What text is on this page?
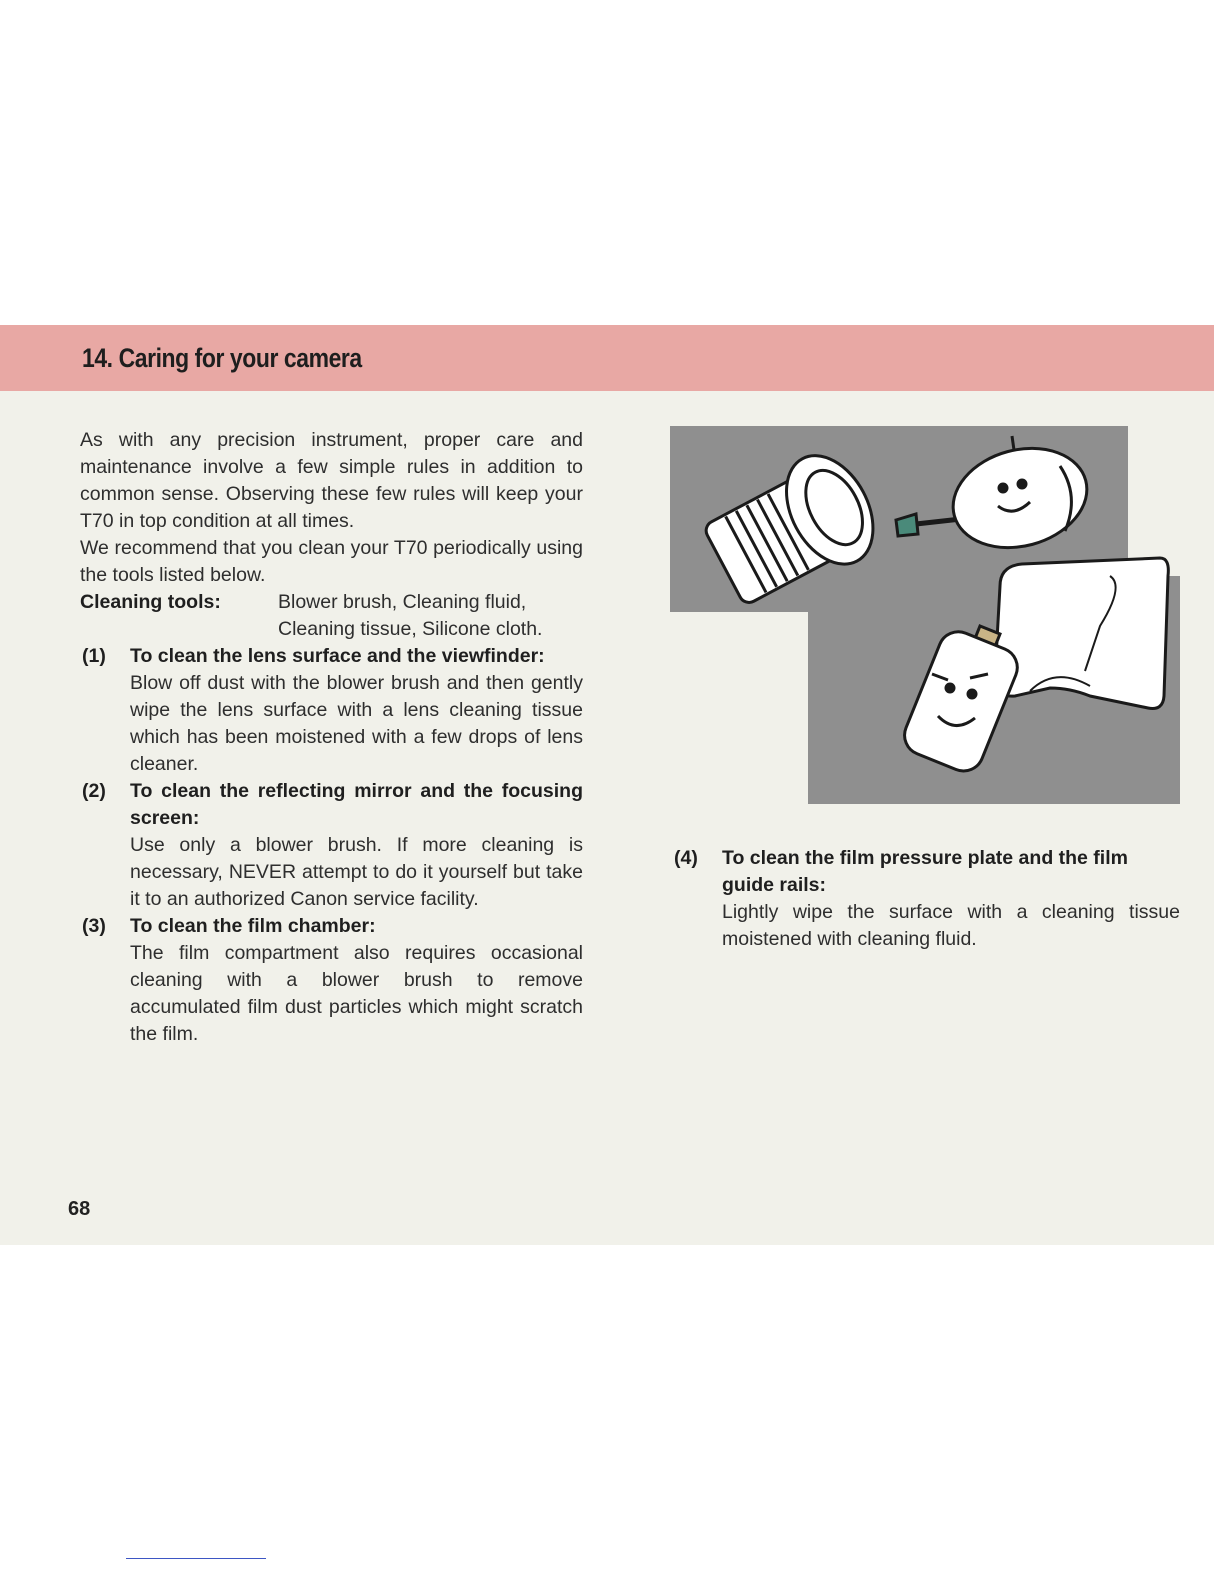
14. Caring for your camera

As with any precision instrument, proper care and maintenance involve a few simple rules in addition to common sense. Observing these few rules will keep your T70 in top condition at all times.

We recommend that you clean your T70 periodically using the tools listed below.

Cleaning tools:	Blower brush, Cleaning fluid, Cleaning tissue, Silicone cloth.
(1) To clean the lens surface and the viewfinder:

Blow off dust with the blower brush and then gently wipe the lens surface with a lens cleaning tissue which has been moistened with a few drops of lens cleaner.

(2) To clean the reflecting mirror and the focusing screen:

Use only a blower brush. If more cleaning is necessary, NEVER attempt to do it yourself but take it to an authorized Canon service facility.

(3) To clean the film chamber:

The film compartment also requires occasional cleaning with a blower brush to remove accumulated film dust particles which might scratch the film.

(4) To clean the film pressure plate and the film guide rails:

Lightly wipe the surface with a cleaning tissue moistened with cleaning fluid.

68
